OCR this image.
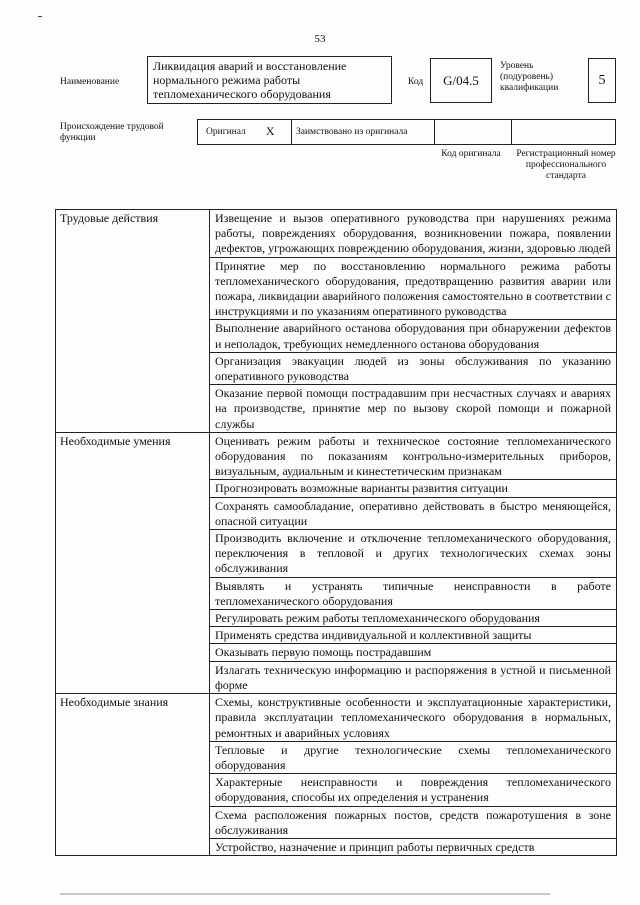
53
Наименование
Ликвидация аварий и восстановление нормального режима работы тепломеханического оборудования
Код	G/04.5
Уровень (подуровень) квалификации
5
Происхождение трудовой функции
Оригинал X Заимствовано из оригинала
Код оригинала	Регистрационный номер профессионального стандарта
Трудовые действия	Извещение и вызов оперативного руководства при нарушениях режима работы, повреждениях оборудования, возникновении пожара, появлении дефектов, угрожающих повреждению оборудования, жизни, здоровью людей
	Принятие мер по восстановлению нормального режима работы тепломеханического оборудования, предотвращению развития аварии или пожара, ликвидации аварийного положения самостоятельно в соответствии с инструкциями и по указаниям оперативного руководства
	Выполнение аварийного останова оборудования при обнаружении дефектов и неполадок, требующих немедленного останова оборудования
	Организация эвакуации людей из зоны обслуживания по указанию оперативного руководства
	Оказание первой помощи пострадавшим при несчастных случаях и авариях на производстве, принятие мер по вызову скорой помощи и пожарной службы
Необходимые умения	Оценивать режим работы и техническое состояние тепломеханического оборудования по показаниям контрольно-измерительных приборов, визуальным, аудиальным и кинестетическим признакам
	Прогнозировать возможные варианты развития ситуации
	Сохранять самообладание, оперативно действовать в быстро меняющейся, опасной ситуации
	Производить включение и отключение тепломеханического оборудования, переключения в тепловой и других технологических схемах зоны обслуживания
	Выявлять и устранять типичные неисправности в работе тепломеханического оборудования
	Регулировать режим работы тепломеханического оборудования
	Применять средства индивидуальной и коллективной защиты
	Оказывать первую помощь пострадавшим
	Излагать техническую информацию и распоряжения в устной и письменной форме
Необходимые знания	Схемы, конструктивные особенности и эксплуатационные характеристики, правила эксплуатации тепломеханического оборудования в нормальных, ремонтных и аварийных условиях
	Тепловые и другие технологические схемы тепломеханического оборудования
	Характерные неисправности и повреждения тепломеханического оборудования, способы их определения и устранения
	Схема расположения пожарных постов, средств пожаротушения в зоне обслуживания
	Устройство, назначение и принцип работы первичных средств
